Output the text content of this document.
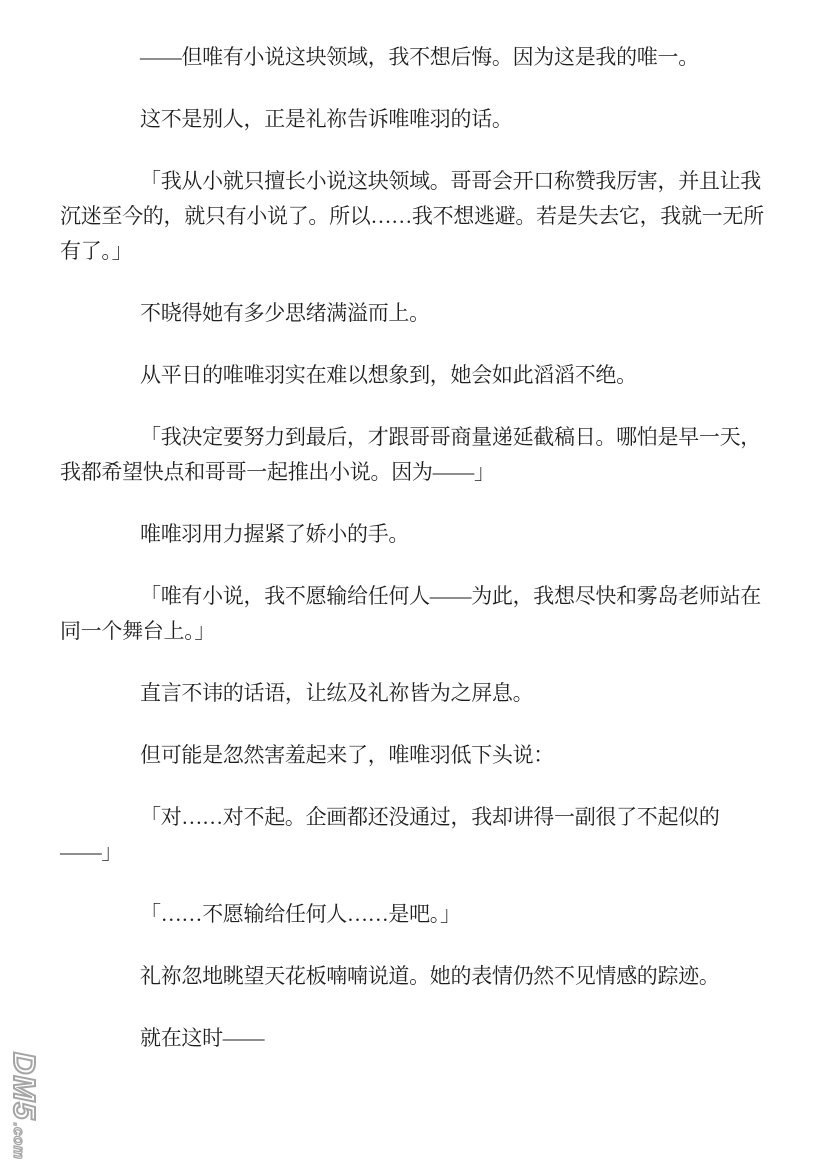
——但唯有小说这块领域，我不想后悔。因为这是我的唯一。
这不是别人，正是礼祢告诉唯唯羽的话。
「我从小就只擅长小说这块领域。哥哥会开口称赞我厉害，并且让我
沉迷至今的，就只有小说了。所以……我不想逃避。若是失去它，我就一无所
有了。」
不晓得她有多少思绪满溢而上。
从平日的唯唯羽实在难以想象到，她会如此滔滔不绝。
「我决定要努力到最后，才跟哥哥商量递延截稿日。哪怕是早一天，
我都希望快点和哥哥一起推出小说。因为——」
唯唯羽用力握紧了娇小的手。
「唯有小说，我不愿输给任何人——为此，我想尽快和雾岛老师站在
同一个舞台上。」
直言不讳的话语，让纮及礼祢皆为之屏息。
但可能是忽然害羞起来了，唯唯羽低下头说：
「对……对不起。企画都还没通过，我却讲得一副很了不起似的
——」
「……不愿输给任何人……是吧。」
礼祢忽地眺望天花板喃喃说道。她的表情仍然不见情感的踪迹。
就在这时——
DM5.com
